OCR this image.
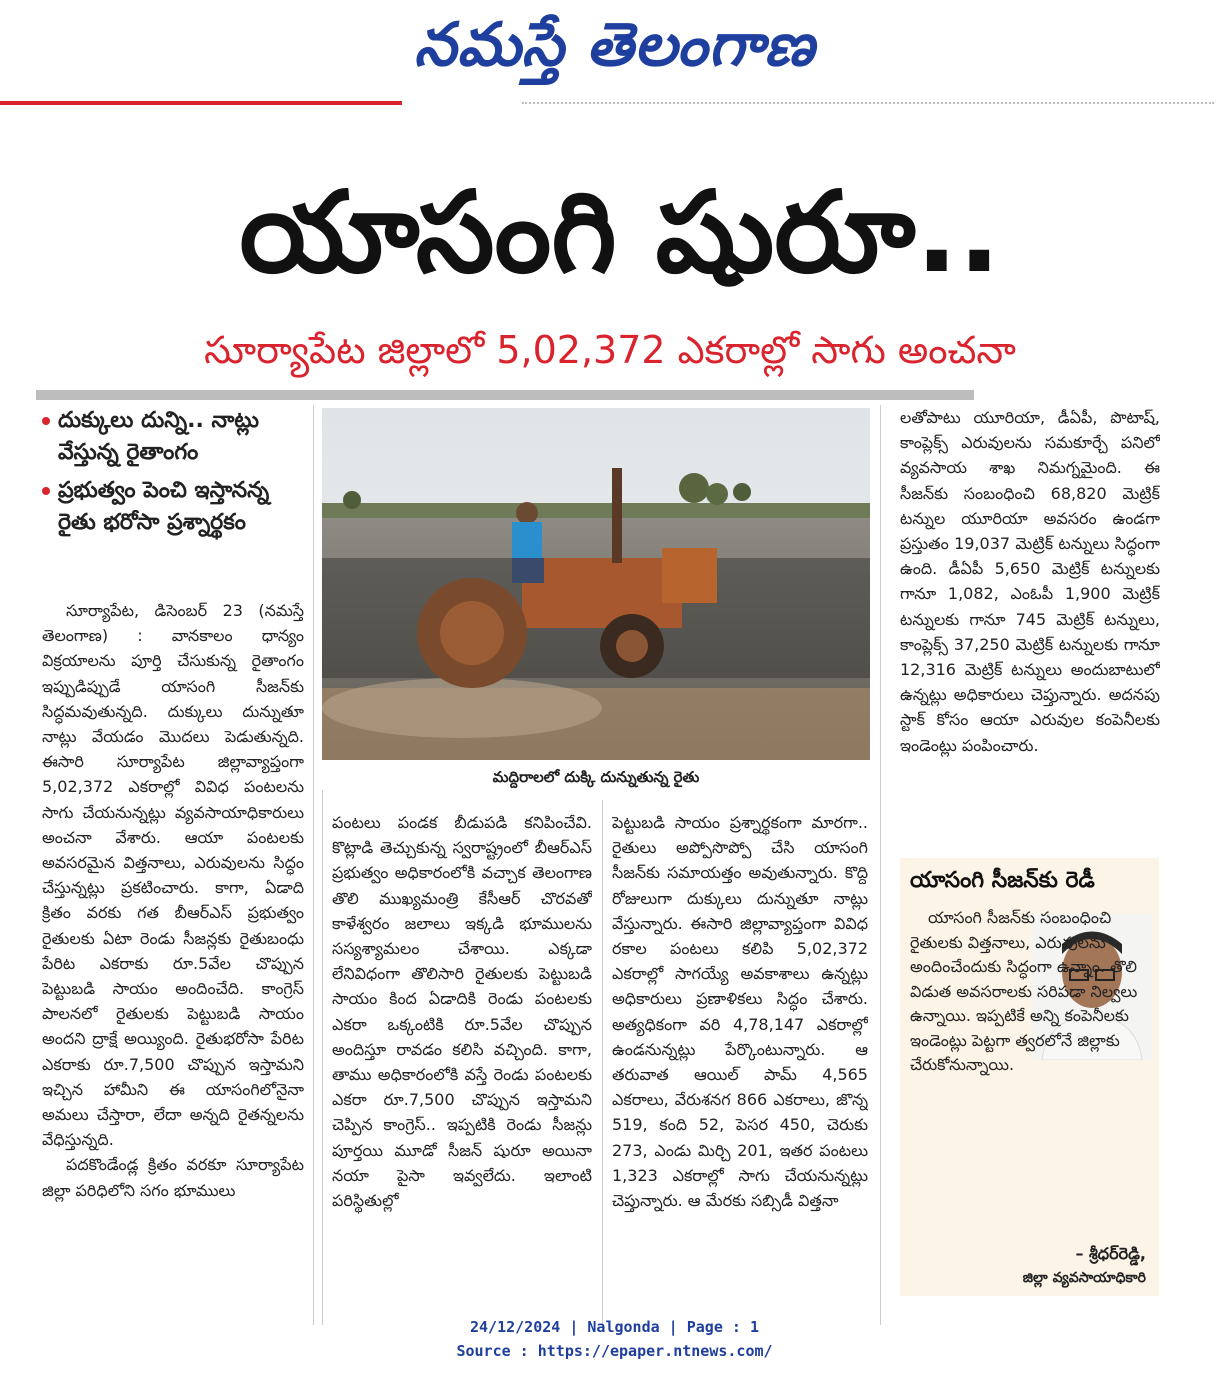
నమస్తే తెలంగాణ
యాసంగి షురూ..
సూర్యాపేట జిల్లాలో 5,02,372 ఎకరాల్లో సాగు అంచనా
దుక్కులు దున్ని.. నాట్లు వేస్తున్న రైతాంగం
ప్రభుత్వం పెంచి ఇస్తానన్న రైతు భరోసా ప్రశ్నార్థకం

సూర్యాపేట, డిసెంబర్ 23 (నమస్తే తెలంగాణ) : వానకాలం ధాన్యం విక్రయాలను పూర్తి చేసుకున్న రైతాంగం ఇప్పుడిప్పుడే యాసంగి సీజన్‌కు సిద్ధమవుతున్నది. దుక్కులు దున్నుతూ నాట్లు వేయడం మొదలు పెడుతున్నది. ఈసారి సూర్యాపేట జిల్లావ్యాప్తంగా 5,02,372 ఎకరాల్లో వివిధ పంటలను సాగు చేయనున్నట్లు వ్యవసాయాధికారులు అంచనా వేశారు. ఆయా పంటలకు అవసరమైన విత్తనాలు, ఎరువులను సిద్ధం చేస్తున్నట్లు ప్రకటించారు. కాగా, ఏడాది క్రితం వరకు గత బీఆర్‌ఎస్ ప్రభుత్వం రైతులకు ఏటా రెండు సీజన్లకు రైతుబంధు పేరిట ఎకరాకు రూ.5వేల చొప్పున పెట్టుబడి సాయం అందించేది. కాంగ్రెస్ పాలనలో రైతులకు పెట్టుబడి సాయం అందని ద్రాక్షే అయ్యింది. రైతుభరోసా పేరిట ఎకరాకు రూ.7,500 చొప్పున ఇస్తామని ఇచ్చిన హామీని ఈ యాసంగిలోనైనా అమలు చేస్తారా, లేదా అన్నది రైతన్నలను వేధిస్తున్నది.

పదకొండేండ్ల క్రితం వరకూ సూర్యాపేట జిల్లా పరిధిలోని సగం భూములు

మద్దిరాలలో దుక్కి దున్నుతున్న రైతు

పంటలు పండక బీడుపడి కనిపించేవి. కొట్లాడి తెచ్చుకున్న స్వరాష్ట్రంలో బీఆర్‌ఎస్ ప్రభుత్వం అధికారంలోకి వచ్చాక తెలంగాణ తొలి ముఖ్యమంత్రి కేసీఆర్ చొరవతో కాళేశ్వరం జలాలు ఇక్కడి భూములను సస్యశ్యామలం చేశాయి. ఎక్కడా లేనివిధంగా తొలిసారి రైతులకు పెట్టుబడి సాయం కింద ఏడాదికి రెండు పంటలకు ఎకరా ఒక్కంటికి రూ.5వేల చొప్పున అందిస్తూ రావడం కలిసి వచ్చింది. కాగా, తాము అధికారంలోకి వస్తే రెండు పంటలకు ఎకరా రూ.7,500 చొప్పున ఇస్తామని చెప్పిన కాంగ్రెస్.. ఇప్పటికి రెండు సీజన్లు పూర్తయి మూడో సీజన్ షురూ అయినా నయా పైసా ఇవ్వలేదు. ఇలాంటి పరిస్థితుల్లో

పెట్టుబడి సాయం ప్రశ్నార్థకంగా మారగా.. రైతులు అప్పోసొప్పో చేసి యాసంగి సీజన్‌కు సమాయత్తం అవుతున్నారు. కొద్ది రోజులుగా దుక్కులు దున్నుతూ నాట్లు వేస్తున్నారు. ఈసారి జిల్లావ్యాప్తంగా వివిధ రకాల పంటలు కలిపి 5,02,372 ఎకరాల్లో సాగయ్యే అవకాశాలు ఉన్నట్లు అధికారులు ప్రణాళికలు సిద్ధం చేశారు. అత్యధికంగా వరి 4,78,147 ఎకరాల్లో ఉండనున్నట్లు పేర్కొంటున్నారు. ఆ తరువాత ఆయిల్ పామ్ 4,565 ఎకరాలు, వేరుశనగ 866 ఎకరాలు, జొన్న 519, కంది 52, పెసర 450, చెరుకు 273, ఎండు మిర్చి 201, ఇతర పంటలు 1,323 ఎకరాల్లో సాగు చేయనున్నట్లు చెప్తున్నారు. ఆ మేరకు సబ్సిడీ విత్తనా

లతోపాటు యూరియా, డీఏపీ, పొటాష్, కాంప్లెక్స్ ఎరువులను సమకూర్చే పనిలో వ్యవసాయ శాఖ నిమగ్నమైంది. ఈ సీజన్‌కు సంబంధించి 68,820 మెట్రిక్ టన్నుల యూరియా అవసరం ఉండగా ప్రస్తుతం 19,037 మెట్రిక్ టన్నులు సిద్ధంగా ఉంది. డీఏపీ 5,650 మెట్రిక్ టన్నులకు గానూ 1,082, ఎంఓపీ 1,900 మెట్రిక్ టన్నులకు గానూ 745 మెట్రిక్ టన్నులు, కాంప్లెక్స్ 37,250 మెట్రిక్ టన్నులకు గానూ 12,316 మెట్రిక్ టన్నులు అందుబాటులో ఉన్నట్లు అధికారులు చెప్తున్నారు. అదనపు స్టాక్ కోసం ఆయా ఎరువుల కంపెనీలకు ఇండెంట్లు పంపించారు.

యాసంగి సీజన్‌కు రెడీ
యాసంగి సీజన్‌కు సంబంధించి రైతులకు విత్తనాలు, ఎరువులను అందించేందుకు సిద్ధంగా ఉన్నాం. తొలి విడుత అవసరాలకు సరిపడా నిల్వలు ఉన్నాయి. ఇప్పటికే అన్ని కంపెనీలకు ఇండెంట్లు పెట్టగా త్వరలోనే జిల్లాకు చేరుకోనున్నాయి.
– శ్రీధర్‌రెడ్డి,
జిల్లా వ్యవసాయాధికారి
24/12/2024 | Nalgonda | Page : 1
Source : https://epaper.ntnews.com/
